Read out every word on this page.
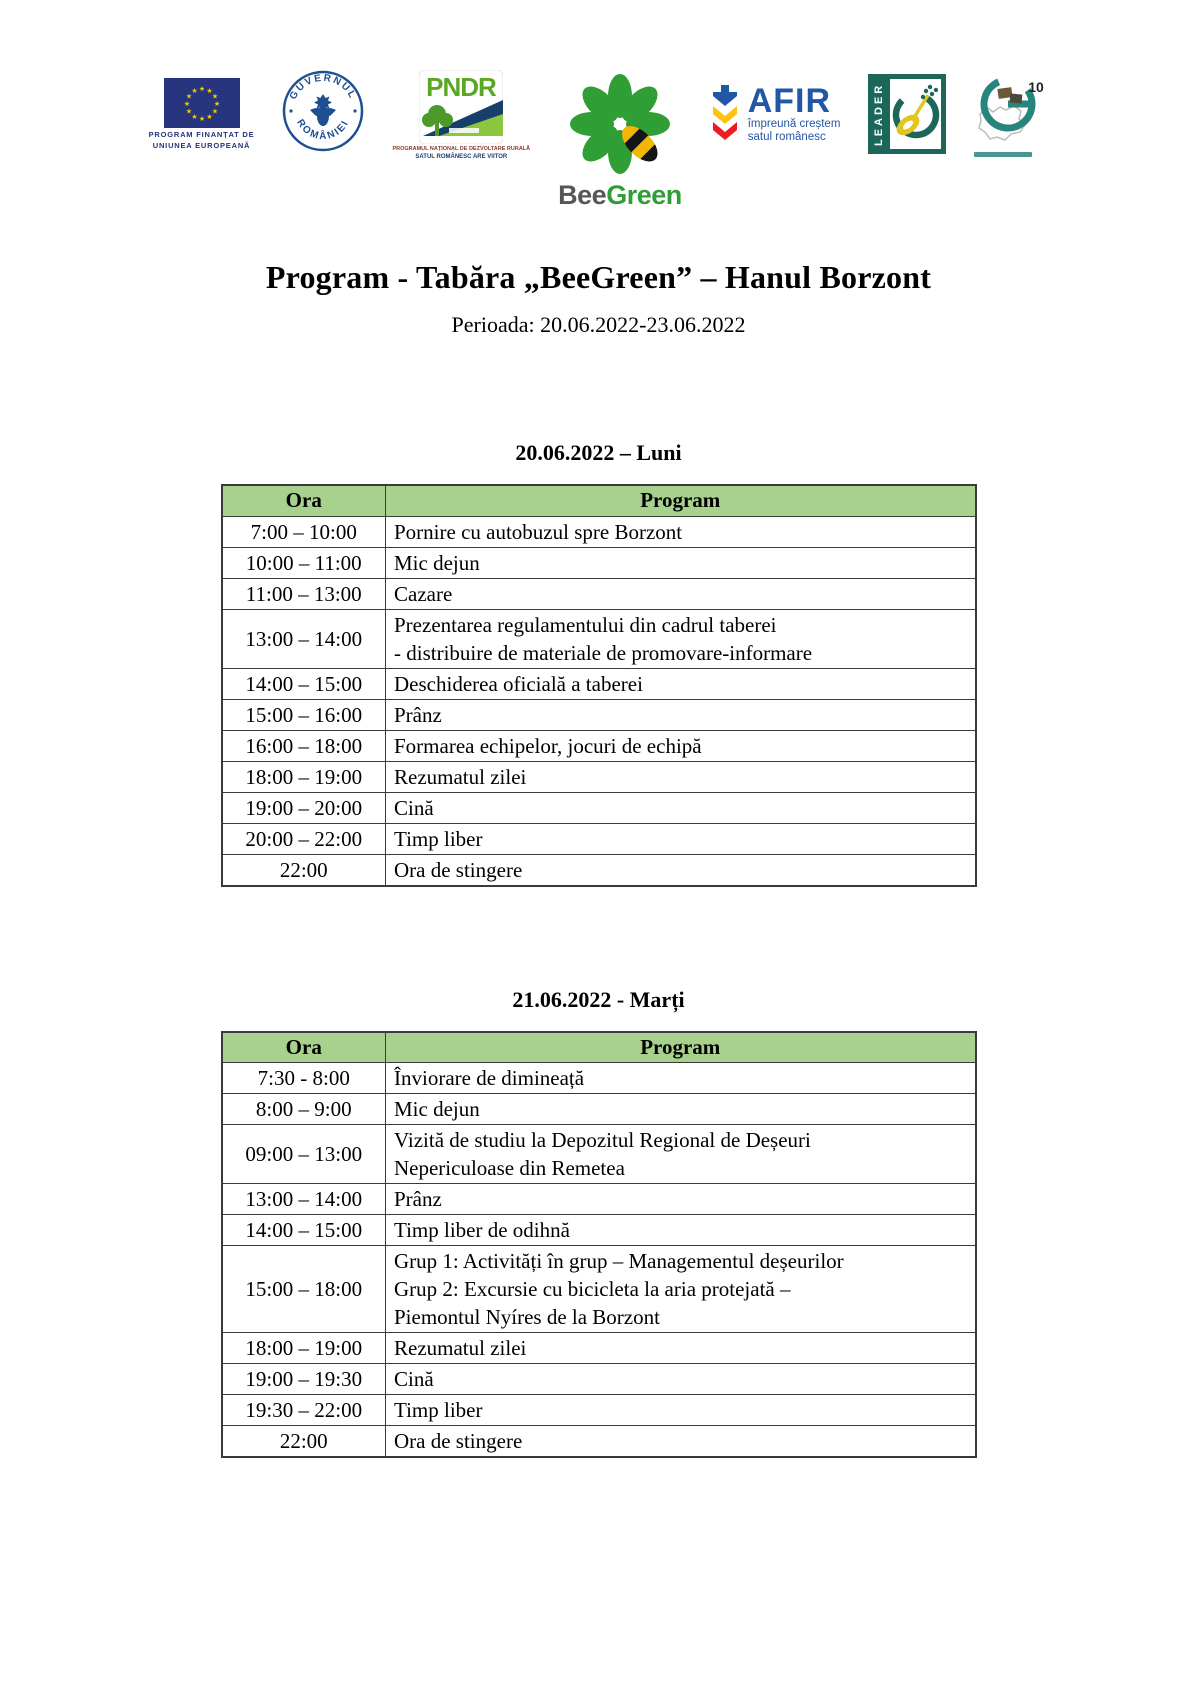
★ ★
★
★
★
★
★
★
★
★
★
★
PROGRAM FINANȚAT DE
UNIUNEA EUROPEANĂ
GUVERNUL
ROMÂNIEI
PNDR
PROGRAMUL NAȚIONAL DE DEZVOLTARE RURALĂ
SATUL ROMÂNESC ARE VIITOR
BeeGreen
AFIR
împreună creștem
satul românesc	LEADER	10
Program - Tabăra „BeeGreen” – Hanul Borzont
Perioada: 20.06.2022-23.06.2022
20.06.2022 – Luni
Ora	Program
7:00 – 10:00	Pornire cu autobuzul spre Borzont

10:00 – 11:00	Mic dejun

11:00 – 13:00	Cazare

13:00 – 14:00	Prezentarea regulamentului din cadrul taberei
- distribuire de materiale de promovare-informare

14:00 – 15:00	Deschiderea oficială a taberei

15:00 – 16:00	Prânz

16:00 – 18:00	Formarea echipelor, jocuri de echipă

18:00 – 19:00	Rezumatul zilei

19:00 – 20:00	Cină

20:00 – 22:00	Timp liber

22:00	Ora de stingere
21.06.2022 - Marți
Ora	Program
7:30 - 8:00	Înviorare de dimineață

8:00 – 9:00	Mic dejun

09:00 – 13:00	Vizită de studiu la Depozitul Regional de Deșeuri
Nepericuloase din Remetea

13:00 – 14:00	Prânz

14:00 – 15:00	Timp liber de odihnă

15:00 – 18:00	Grup 1: Activități în grup – Managementul deșeurilor
Grup 2: Excursie cu bicicleta la aria protejată –
Piemontul Nyíres de la Borzont

18:00 – 19:00	Rezumatul zilei

19:00 – 19:30	Cină

19:30 – 22:00	Timp liber

22:00	Ora de stingere
